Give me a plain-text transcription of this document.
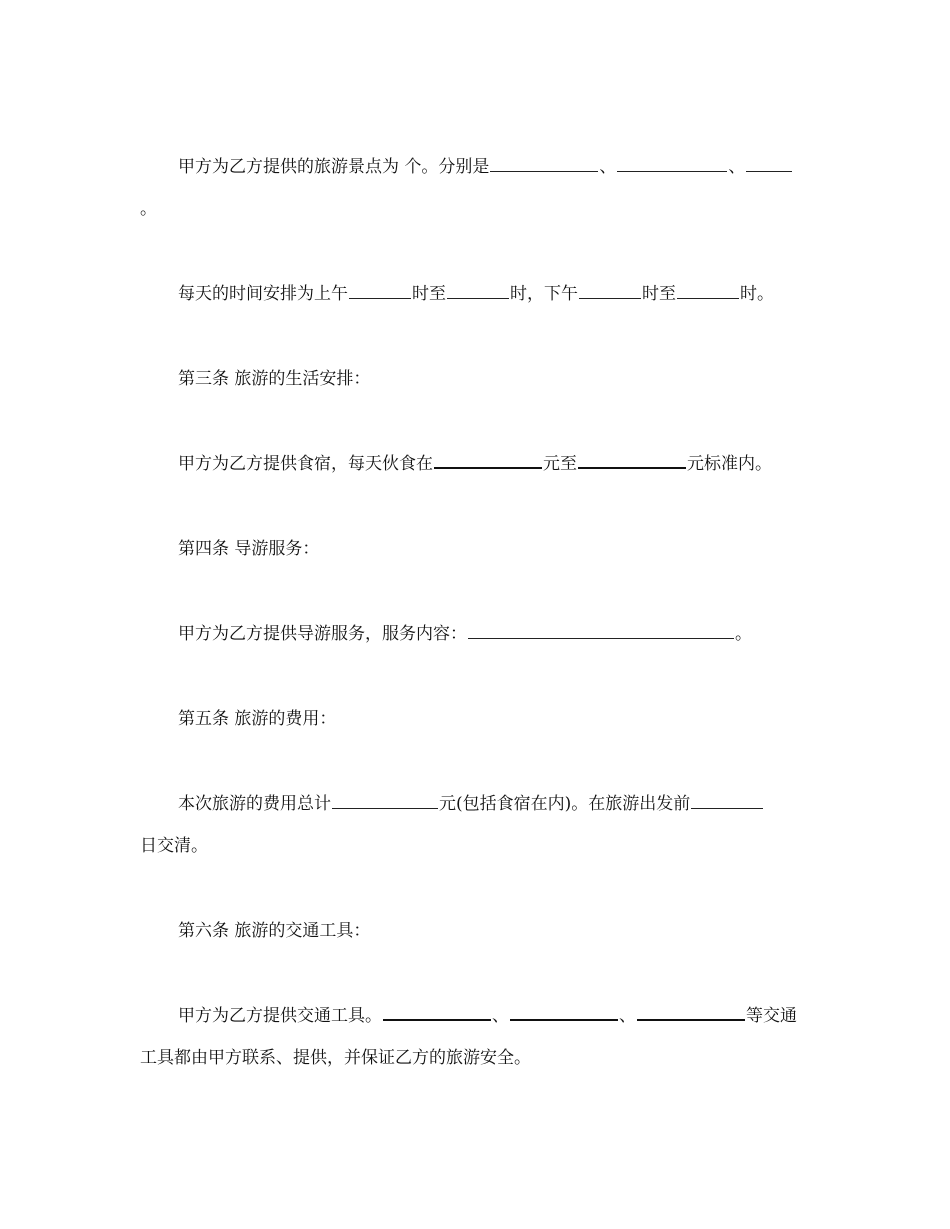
甲方为乙方提供的旅游景点为 个。分别是	、	、
。
每天的时间安排为上午	时至	时，下午	时至	时。
第三条 旅游的生活安排：
甲方为乙方提供食宿，每天伙食在	元至	元标准内。
第四条 导游服务：
甲方为乙方提供导游服务，服务内容：	。
第五条 旅游的费用：
本次旅游的费用总计	元(包括食宿在内)。在旅游出发前
日交清。
第六条 旅游的交通工具：
甲方为乙方提供交通工具。	、	、	等交通工具都由甲方联系、提供，并保证乙方的旅游安全。
